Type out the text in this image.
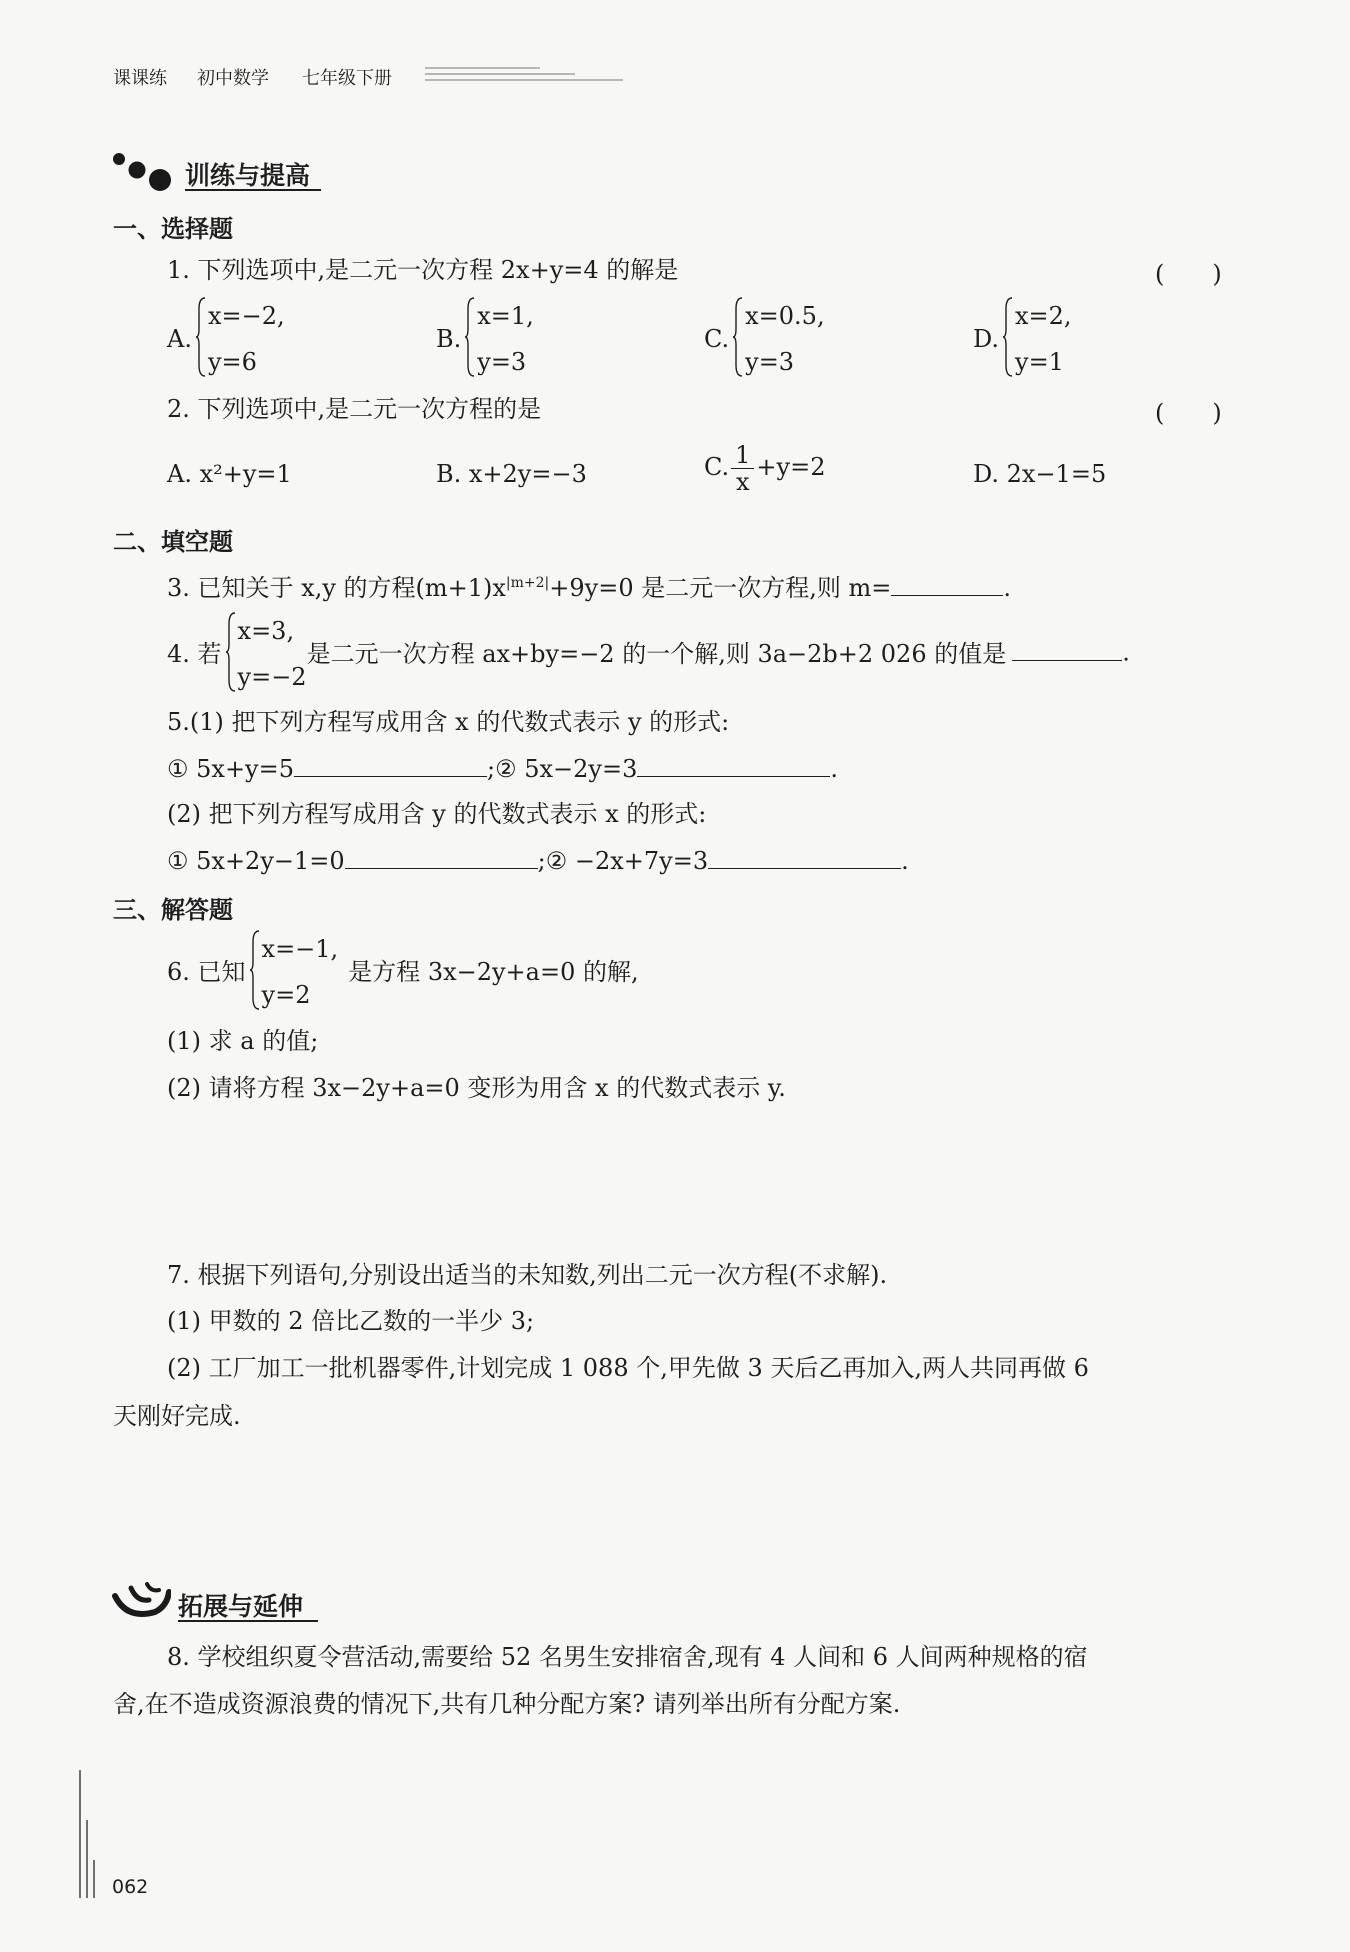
课课练 初中数学 七年级下册
训练与提高
一、选择题
1. 下列选项中,是二元一次方程 2x+y=4 的解是	(　　)
A.
x=−2,
y=6
B.
x=1,
y=3
C.
x=0.5,
y=3
D.
x=2,
y=1
2. 下列选项中,是二元一次方程的是	(　　)
A. x²+y=1	B. x+2y=−3	C. $\frac{1}{x} +y=2$	D. 2x−1=5
二、填空题
3. 已知关于 x,y 的方程$(m+1)x^{|m+2|}+9y=0$ 是二元一次方程,则 m=	.
4. 若
x=3,
y=−2
是二元一次方程 ax+by=−2 的一个解,则 3a−2b+2 026 的值是	.
5.(1) 把下列方程写成用含 x 的代数式表示 y 的形式:
① 5x+y=5	;② 5x−2y=3	.
(2) 把下列方程写成用含 y 的代数式表示 x 的形式:
① 5x+2y−1=0	;② −2x+7y=3	.
三、解答题
6. 已知
x=−1,
y=2
是方程 3x−2y+a=0 的解,
(1) 求 a 的值;
(2) 请将方程 3x−2y+a=0 变形为用含 x 的代数式表示 y.
7. 根据下列语句,分别设出适当的未知数,列出二元一次方程(不求解).
(1) 甲数的 2 倍比乙数的一半少 3;
(2) 工厂加工一批机器零件,计划完成 1 088 个,甲先做 3 天后乙再加入,两人共同再做 6
天刚好完成.
拓展与延伸
8. 学校组织夏令营活动,需要给 52 名男生安排宿舍,现有 4 人间和 6 人间两种规格的宿
舍,在不造成资源浪费的情况下,共有几种分配方案? 请列举出所有分配方案.
062
